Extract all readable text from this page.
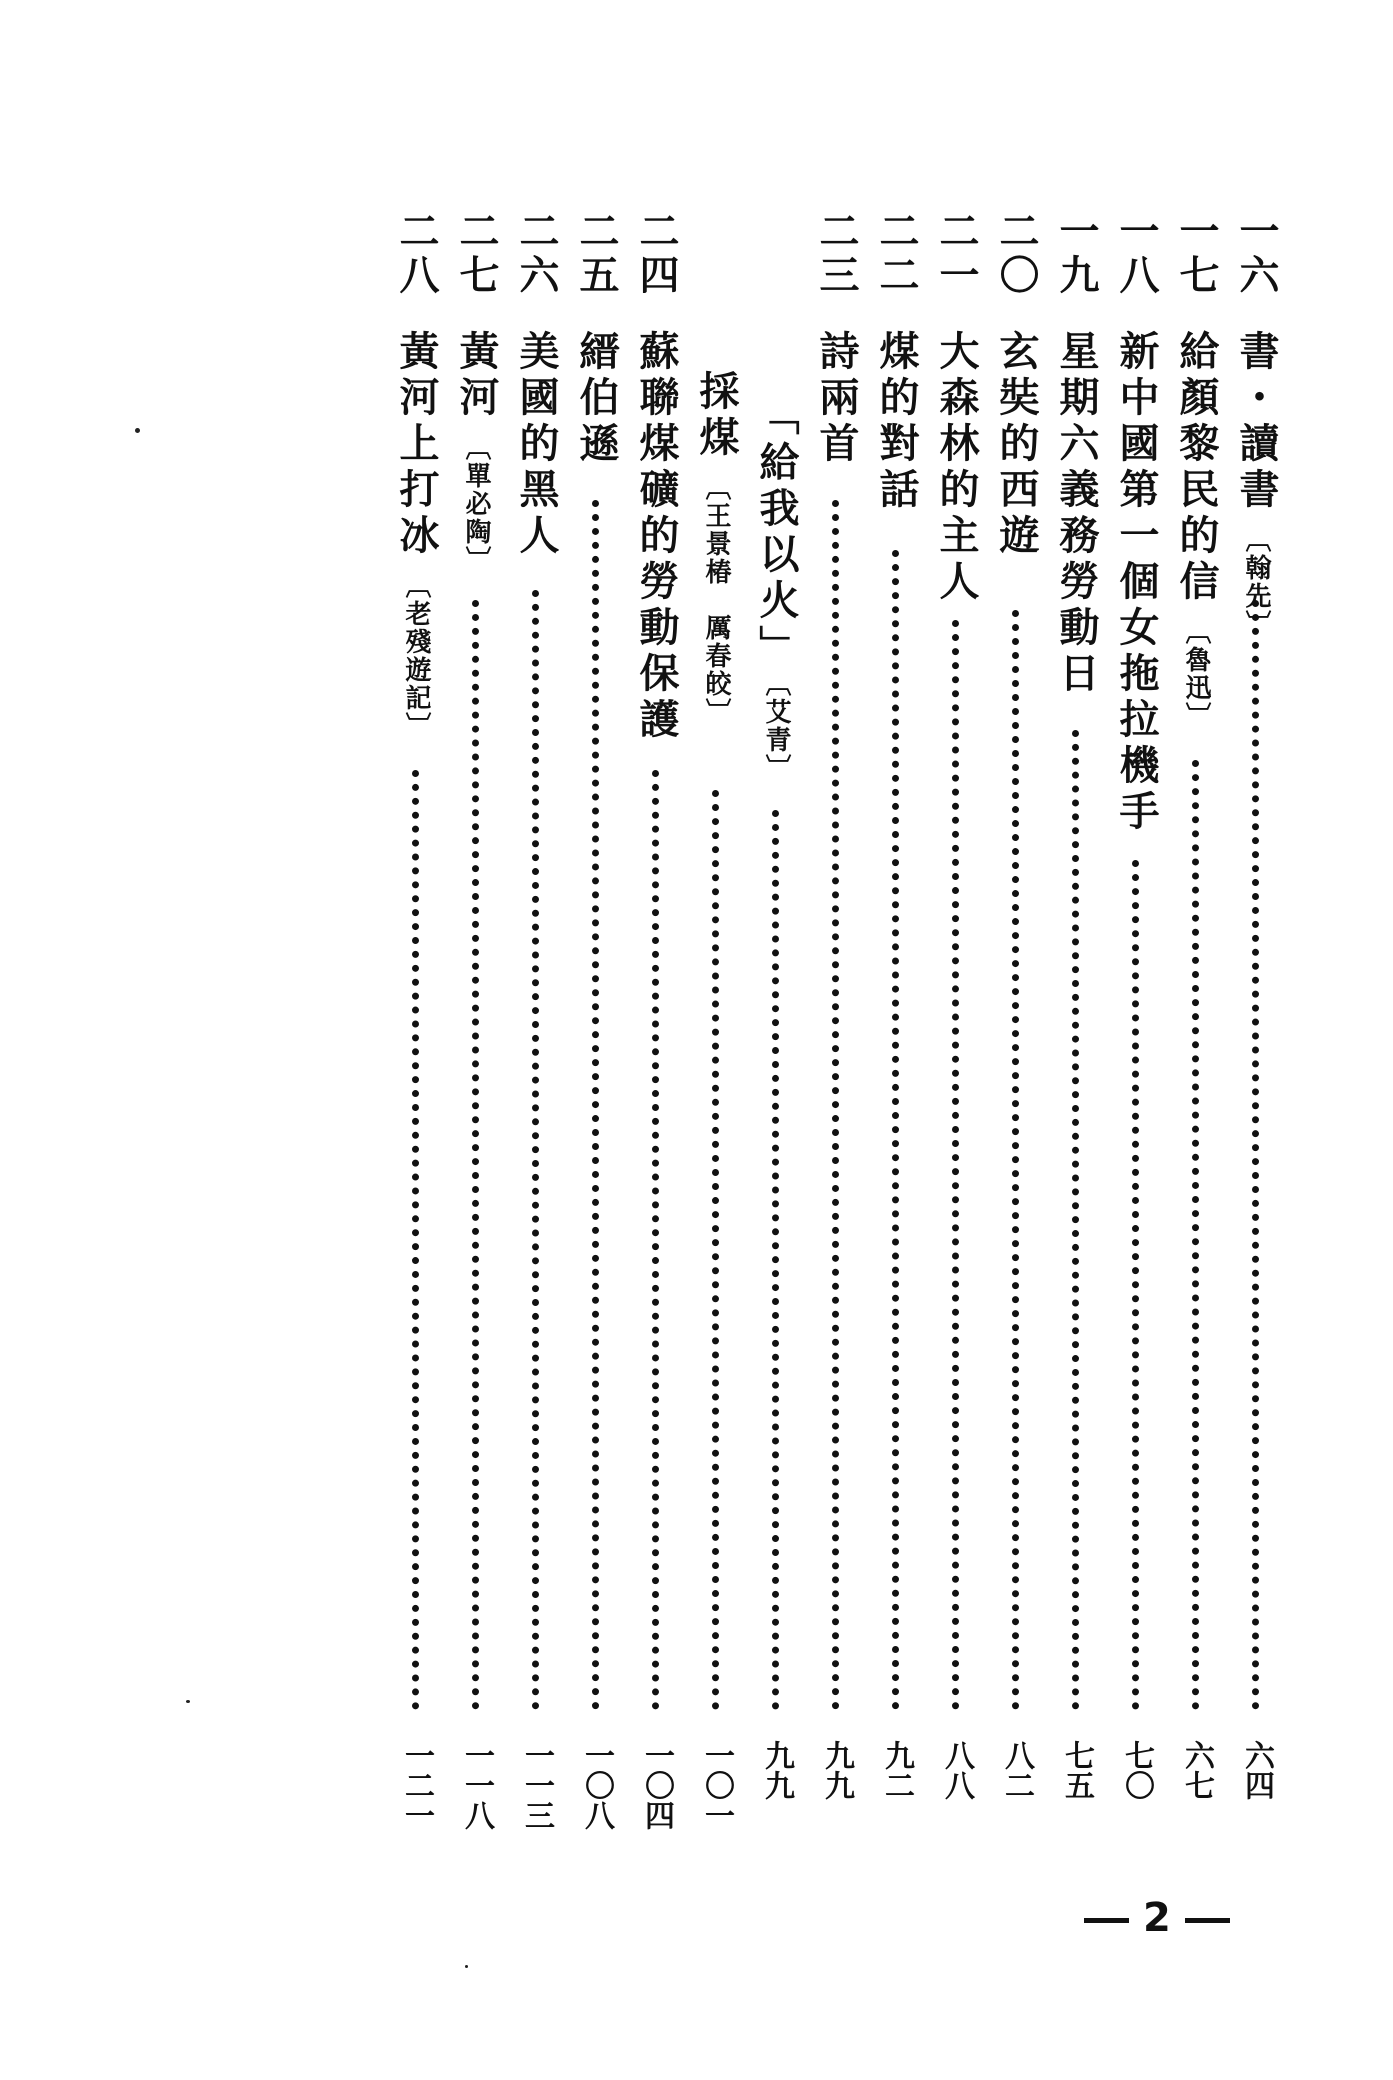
一六
書・讀書〔 翰先 〕
六四
一七
給顏黎民的信〔 魯迅 〕
六七
一八
新中國第一個女拖拉機手
七〇
一九
星期六義務勞動日
七五
二〇
玄奘的西遊
八二
二一
大森林的主人
八八
二二
煤的對話
九二
二三
詩兩首
九九
「給我以火」〔 艾青 〕
九九
採煤〔 王景椿　厲春皎 〕
一〇一
二四
蘇聯煤礦的勞動保護
一〇四
二五
縉伯遜
一〇八
二六
美國的黑人
一一三
二七
黃河〔 單必陶 〕
一一八
二八
黃河上打冰〔 老殘遊記 〕
一二一
2
